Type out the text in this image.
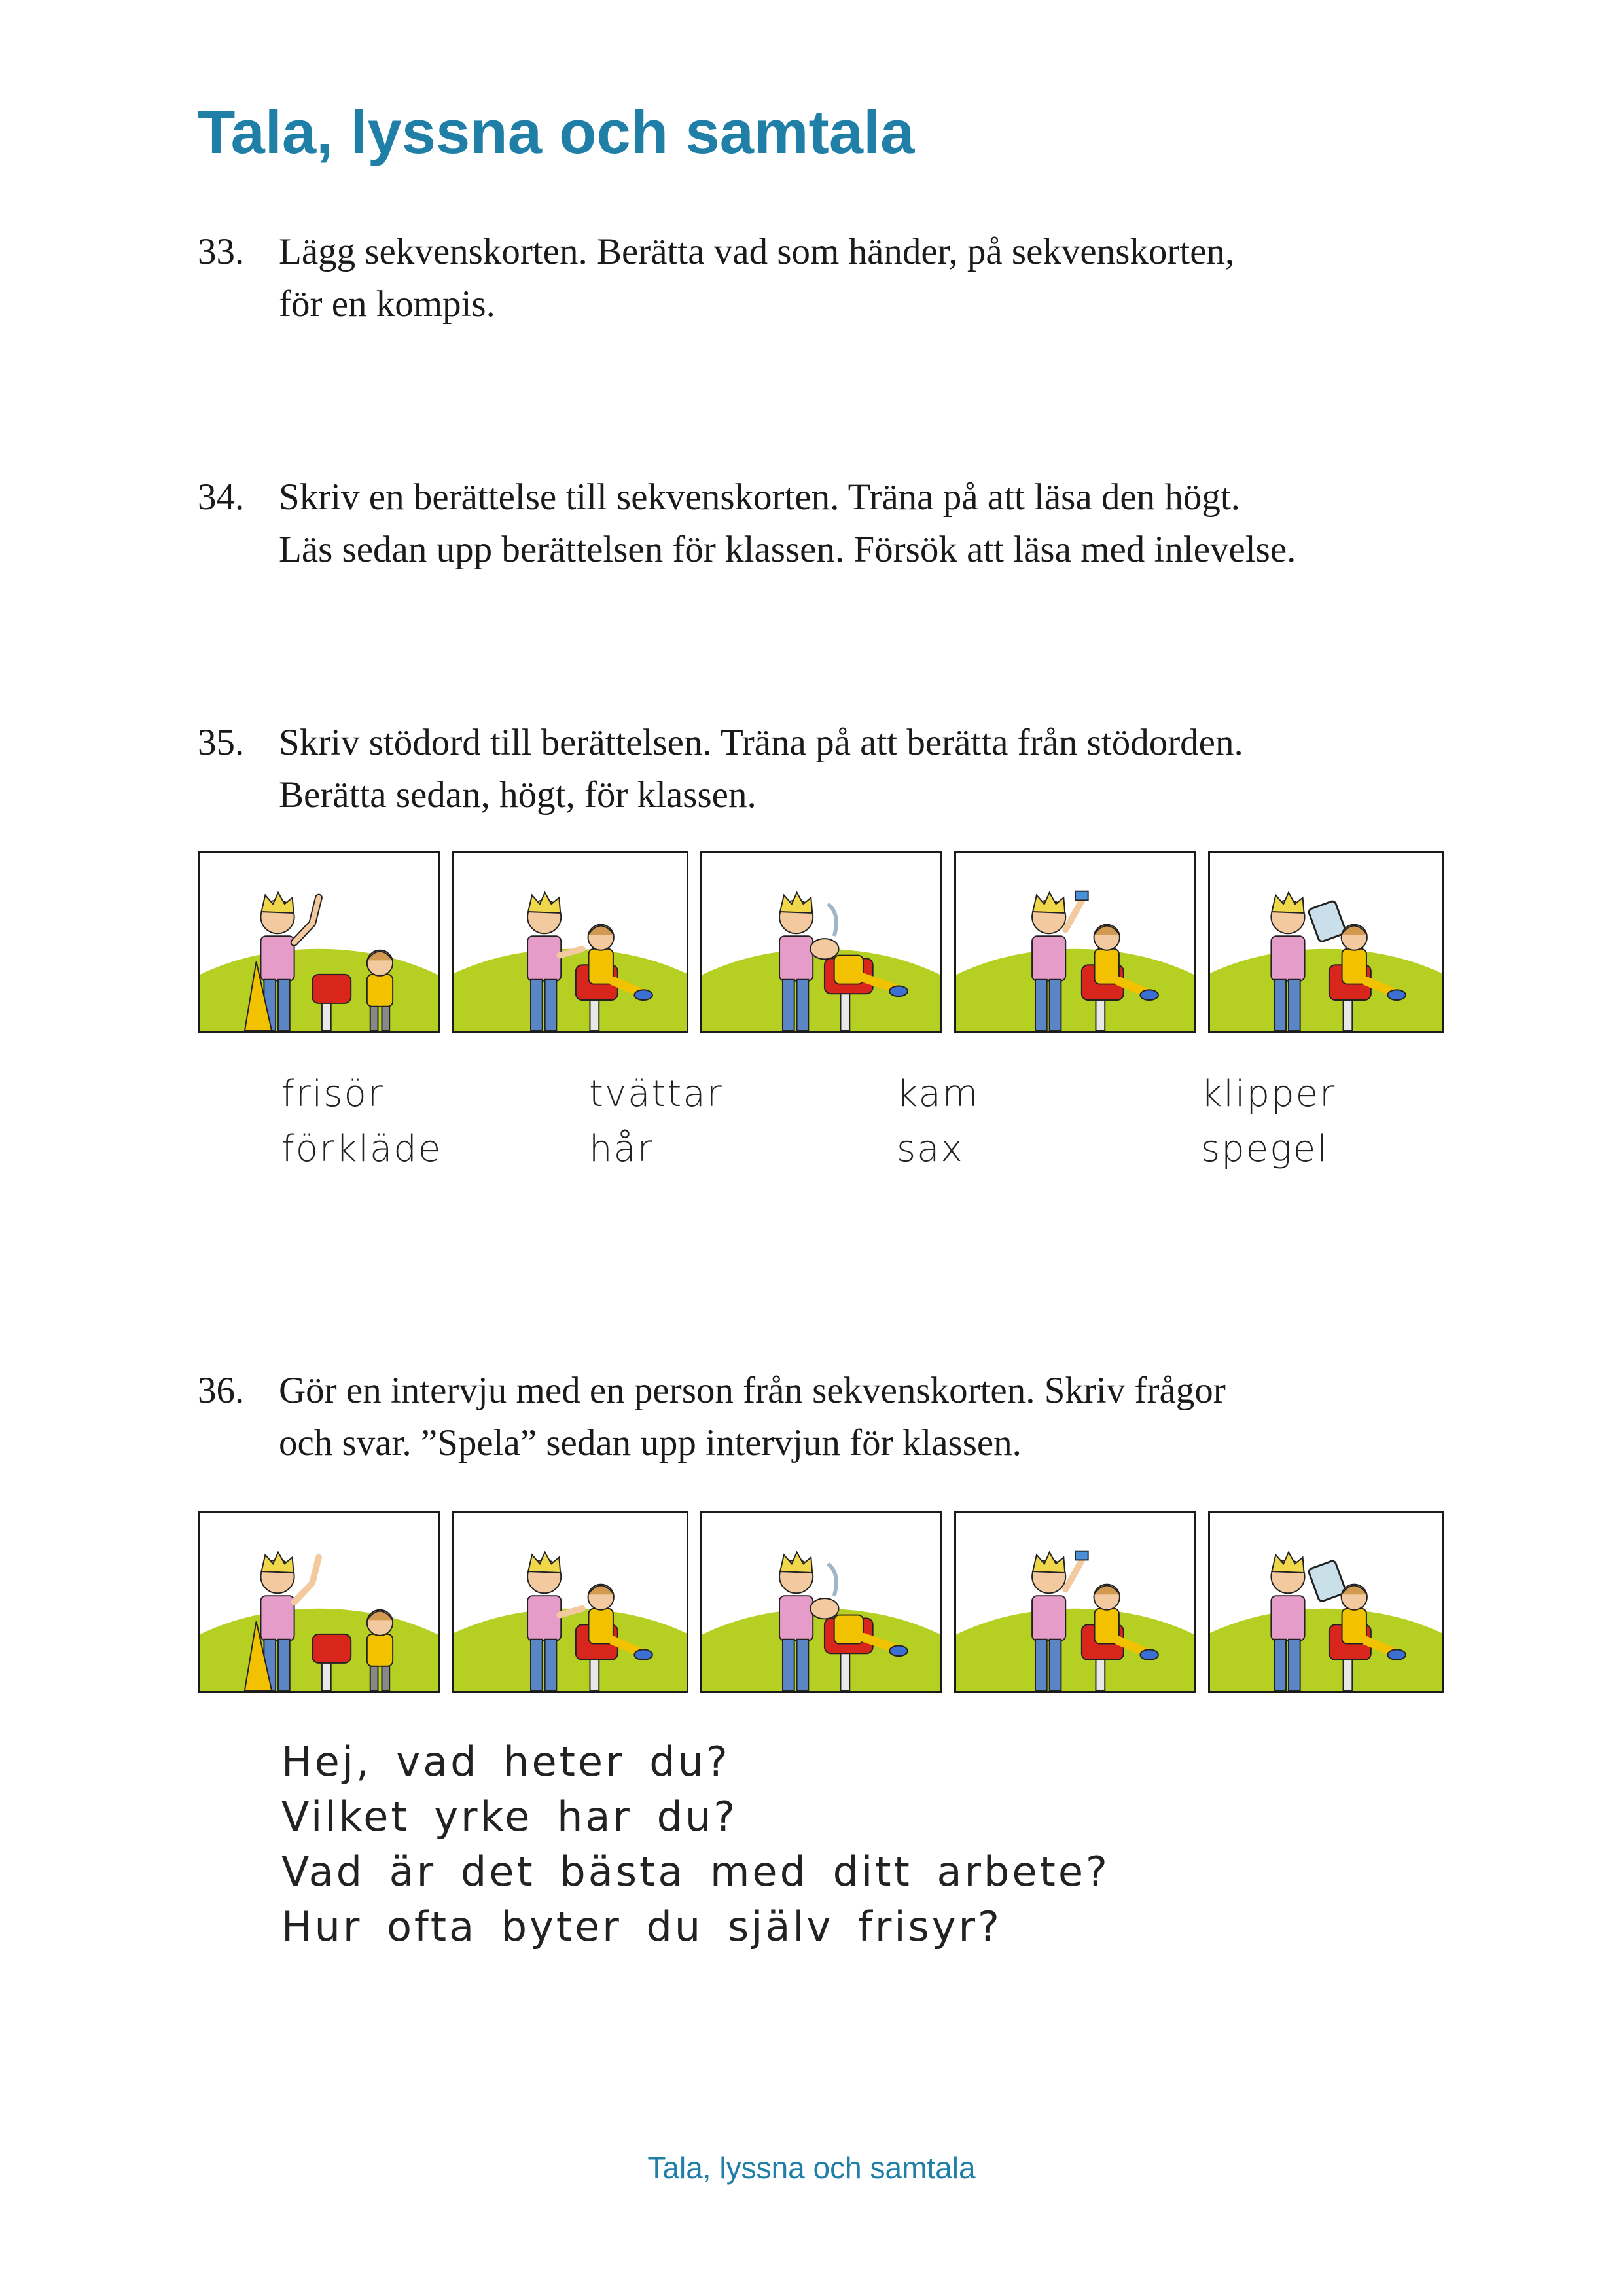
Tala, lyssna och samtala
33. Lägg sekvenskorten. Berätta vad som händer, på sekvenskorten,
för en kompis.
34. Skriv en berättelse till sekvenskorten. Träna på att läsa den högt.
Läs sedan upp berättelsen för klassen. Försök att läsa med inlevelse.
35. Skriv stödord till berättelsen. Träna på att berätta från stödorden.
Berätta sedan, högt, för klassen.
frisör
förkläde
tvättar
hår
kam
sax
klipper
spegel
36. Gör en intervju med en person från sekvenskorten. Skriv frågor
och svar. ”Spela” sedan upp intervjun för klassen.
Hej, vad heter du?
Vilket yrke har du?
Vad är det bästa med ditt arbete?
Hur ofta byter du själv frisyr?
Tala, lyssna och samtala
